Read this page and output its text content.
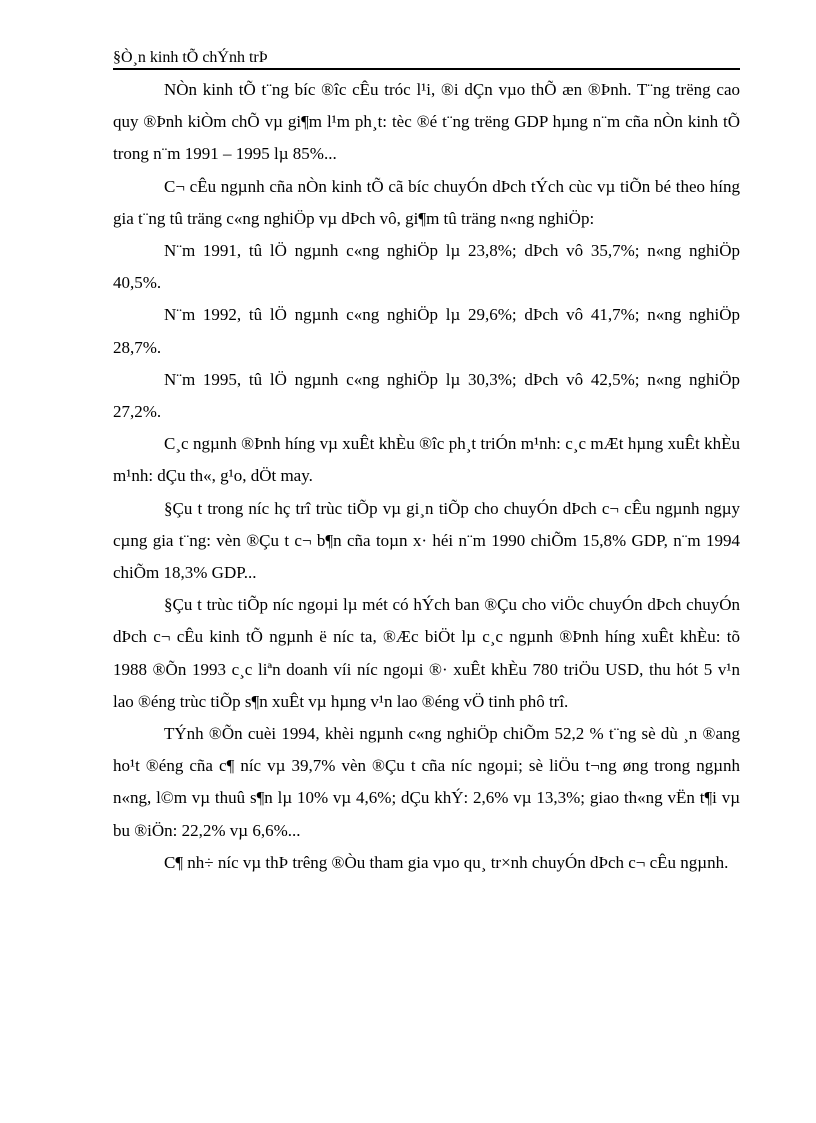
§Ò¸n kinh tÕ chÝnh trÞ

NÒn kinh tÕ t¨ng bíc ®îc cÊu tróc l¹i, ®i dÇn vµo thÕ æn ®Þnh. T¨ng trëng cao quy ®Þnh kiÒm chÕ vµ gi¶m l¹m ph¸t: tèc ®é t¨ng trëng GDP hµng n¨m cña nÒn kinh tÕ trong n¨m 1991 – 1995 lµ 85%...

C¬ cÊu ngµnh cña nÒn kinh tÕ cã bíc chuyÓn dÞch tÝch cùc vµ tiÕn bé theo híng gia t¨ng tû träng c«ng nghiÖp vµ dÞch vô, gi¶m tû träng n«ng nghiÖp:

N¨m 1991, tû lÖ ngµnh c«ng nghiÖp lµ 23,8%; dÞch vô 35,7%; n«ng nghiÖp 40,5%.

N¨m 1992, tû lÖ ngµnh c«ng nghiÖp lµ 29,6%; dÞch vô 41,7%; n«ng nghiÖp 28,7%.

N¨m 1995, tû lÖ ngµnh c«ng nghiÖp lµ 30,3%; dÞch vô 42,5%; n«ng nghiÖp 27,2%.

C¸c ngµnh ®Þnh híng vµ xuÊt khÈu ®îc ph¸t triÓn m¹nh: c¸c mÆt hµng xuÊt khÈu m¹nh: dÇu th«, g¹o, dÖt may.

§Çu t trong níc hç trî trùc tiÕp vµ gi¸n tiÕp cho chuyÓn dÞch c¬ cÊu ngµnh ngµy cµng gia t¨ng: vèn ®Çu t c¬ b¶n cña toµn x· héi n¨m 1990 chiÕm 15,8% GDP, n¨m 1994 chiÕm 18,3% GDP...

§Çu t trùc tiÕp níc ngoµi lµ mét có hÝch ban ®Çu cho viÖc chuyÓn dÞch chuyÓn dÞch c¬ cÊu kinh tÕ ngµnh ë níc ta, ®Æc biÖt lµ c¸c ngµnh ®Þnh híng xuÊt khÈu: tõ 1988 ®Õn 1993 c¸c liªn doanh víi níc ngoµi ®· xuÊt khÈu 780 triÖu USD, thu hót 5 v¹n lao ®éng trùc tiÕp s¶n xuÊt vµ hµng v¹n lao ®éng vÖ tinh phô trî.

TÝnh ®Õn cuèi 1994, khèi ngµnh c«ng nghiÖp chiÕm 52,2 % t¨ng sè dù ¸n ®ang ho¹t ®éng cña c¶ níc vµ 39,7% vèn ®Çu t cña níc ngoµi; sè liÖu t¬ng øng trong ngµnh n«ng, l©m vµ thuû s¶n lµ 10% vµ 4,6%; dÇu khÝ: 2,6% vµ 13,3%; giao th«ng vËn t¶i vµ bu ®iÖn: 22,2% vµ 6,6%...

C¶ nh÷ níc vµ thÞ trêng ®Òu tham gia vµo qu¸ tr×nh chuyÓn dÞch c¬ cÊu ngµnh.
